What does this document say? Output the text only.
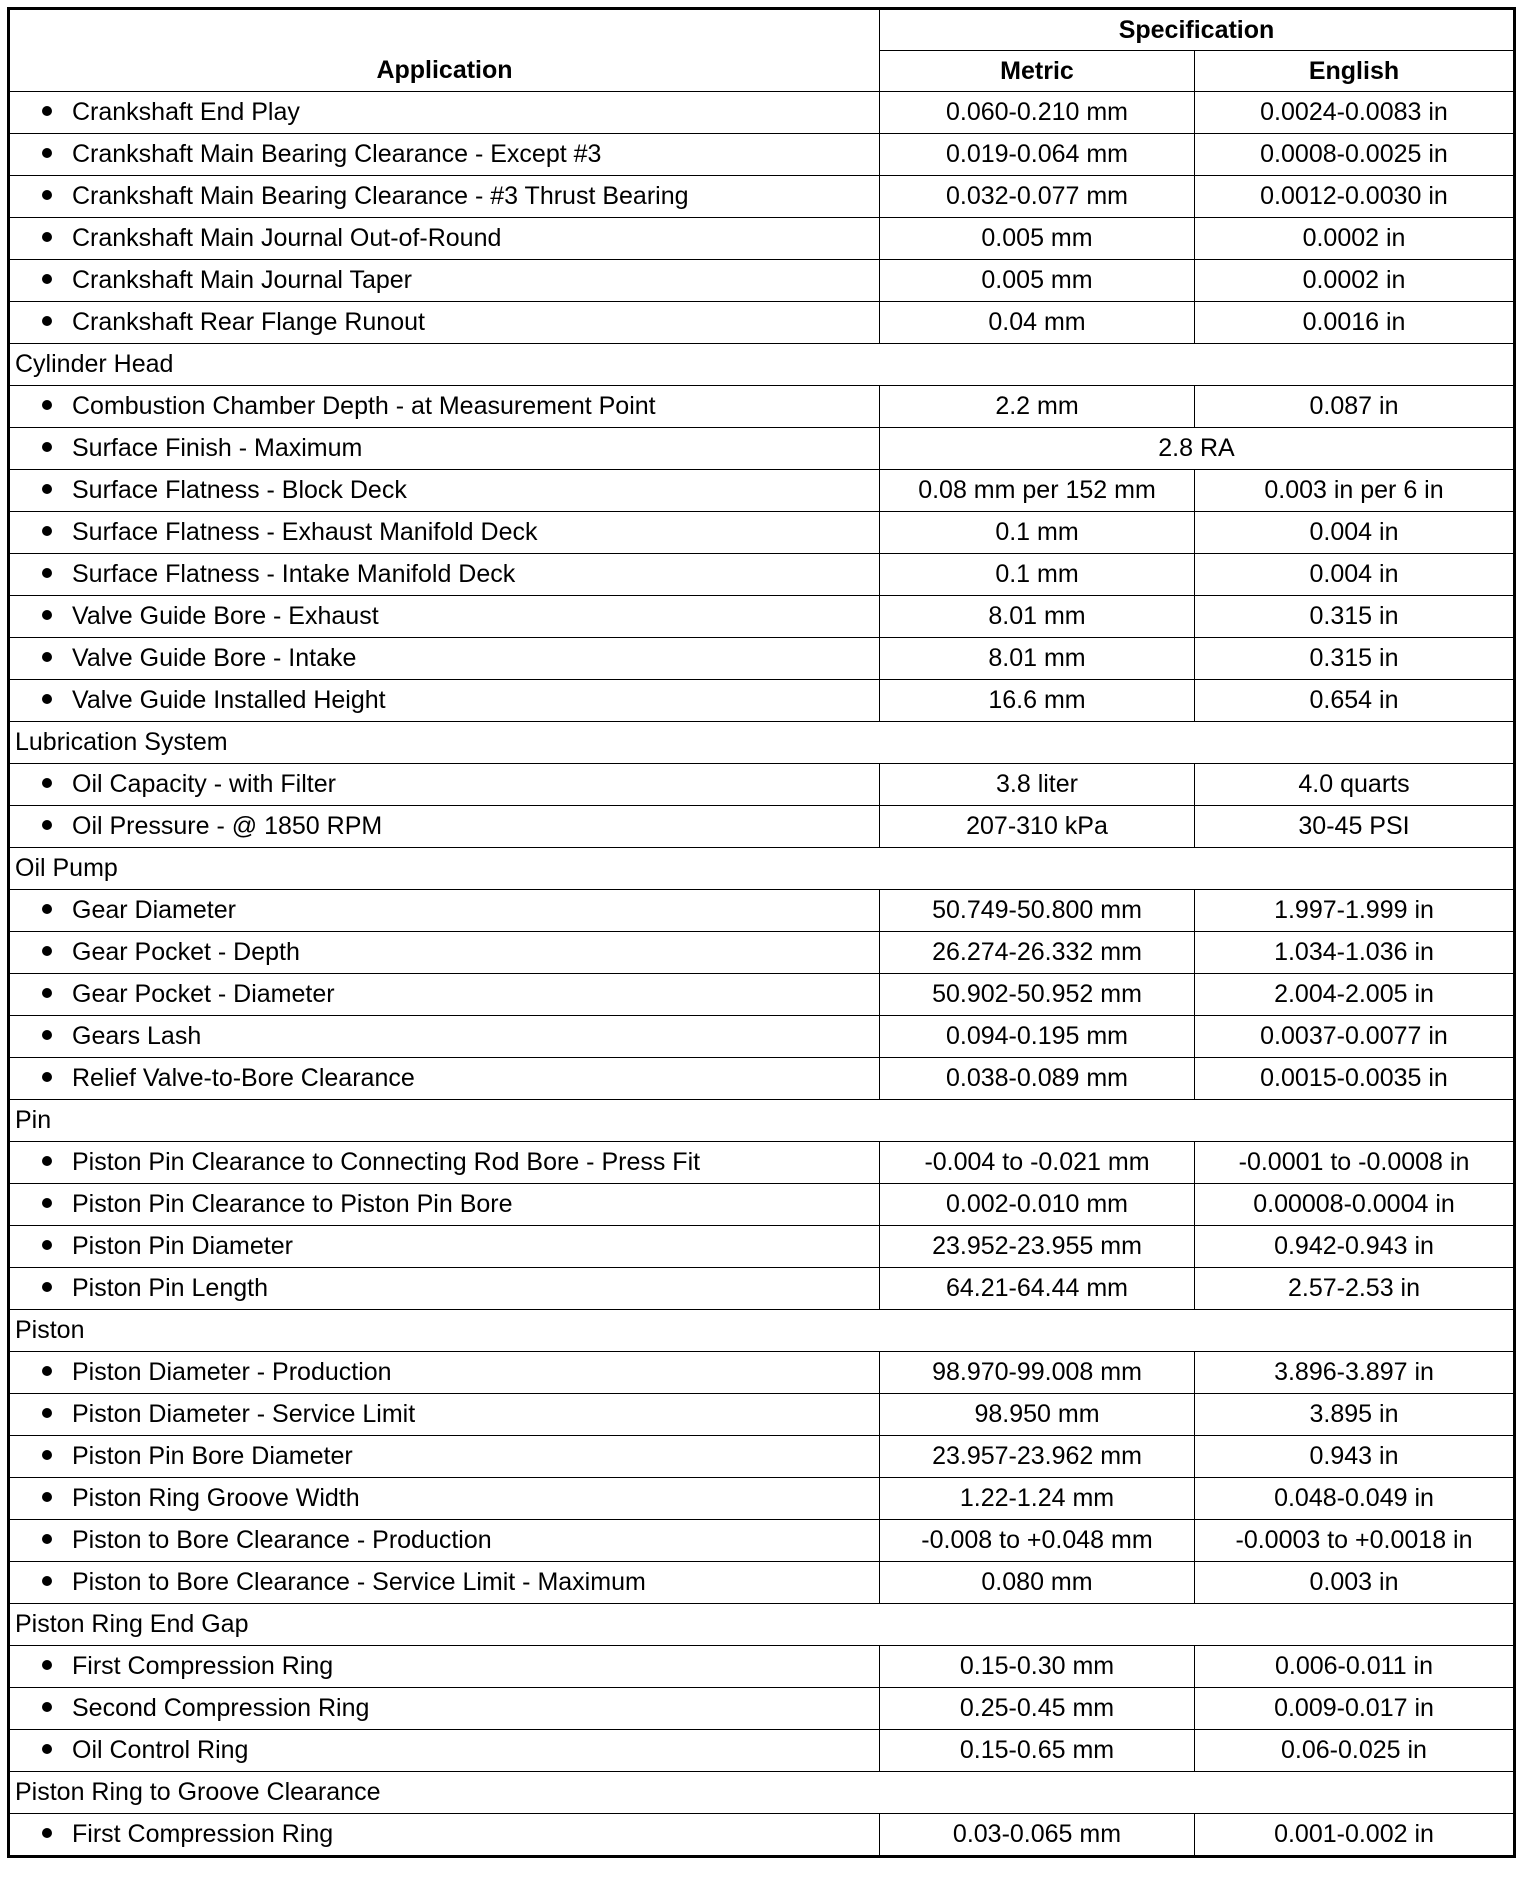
Application	Specification	
	Metric	English
Crankshaft End Play	0.060-0.210 mm	0.0024-0.0083 in
Crankshaft Main Bearing Clearance - Except #3	0.019-0.064 mm	0.0008-0.0025 in
Crankshaft Main Bearing Clearance - #3 Thrust Bearing	0.032-0.077 mm	0.0012-0.0030 in
Crankshaft Main Journal Out-of-Round	0.005 mm	0.0002 in
Crankshaft Main Journal Taper	0.005 mm	0.0002 in
Crankshaft Rear Flange Runout	0.04 mm	0.0016 in
Cylinder Head		
Combustion Chamber Depth - at Measurement Point	2.2 mm	0.087 in
Surface Finish - Maximum	2.8 RA	
Surface Flatness - Block Deck	0.08 mm per 152 mm	0.003 in per 6 in
Surface Flatness - Exhaust Manifold Deck	0.1 mm	0.004 in
Surface Flatness - Intake Manifold Deck	0.1 mm	0.004 in
Valve Guide Bore - Exhaust	8.01 mm	0.315 in
Valve Guide Bore - Intake	8.01 mm	0.315 in
Valve Guide Installed Height	16.6 mm	0.654 in
Lubrication System		
Oil Capacity - with Filter	3.8 liter	4.0 quarts
Oil Pressure - @ 1850 RPM	207-310 kPa	30-45 PSI
Oil Pump		
Gear Diameter	50.749-50.800 mm	1.997-1.999 in
Gear Pocket - Depth	26.274-26.332 mm	1.034-1.036 in
Gear Pocket - Diameter	50.902-50.952 mm	2.004-2.005 in
Gears Lash	0.094-0.195 mm	0.0037-0.0077 in
Relief Valve-to-Bore Clearance	0.038-0.089 mm	0.0015-0.0035 in
Pin		
Piston Pin Clearance to Connecting Rod Bore - Press Fit	-0.004 to -0.021 mm	-0.0001 to -0.0008 in
Piston Pin Clearance to Piston Pin Bore	0.002-0.010 mm	0.00008-0.0004 in
Piston Pin Diameter	23.952-23.955 mm	0.942-0.943 in
Piston Pin Length	64.21-64.44 mm	2.57-2.53 in
Piston		
Piston Diameter - Production	98.970-99.008 mm	3.896-3.897 in
Piston Diameter - Service Limit	98.950 mm	3.895 in
Piston Pin Bore Diameter	23.957-23.962 mm	0.943 in
Piston Ring Groove Width	1.22-1.24 mm	0.048-0.049 in
Piston to Bore Clearance - Production	-0.008 to +0.048 mm	-0.0003 to +0.0018 in
Piston to Bore Clearance - Service Limit - Maximum	0.080 mm	0.003 in
Piston Ring End Gap		
First Compression Ring	0.15-0.30 mm	0.006-0.011 in
Second Compression Ring	0.25-0.45 mm	0.009-0.017 in
Oil Control Ring	0.15-0.65 mm	0.06-0.025 in
Piston Ring to Groove Clearance		
First Compression Ring	0.03-0.065 mm	0.001-0.002 in
